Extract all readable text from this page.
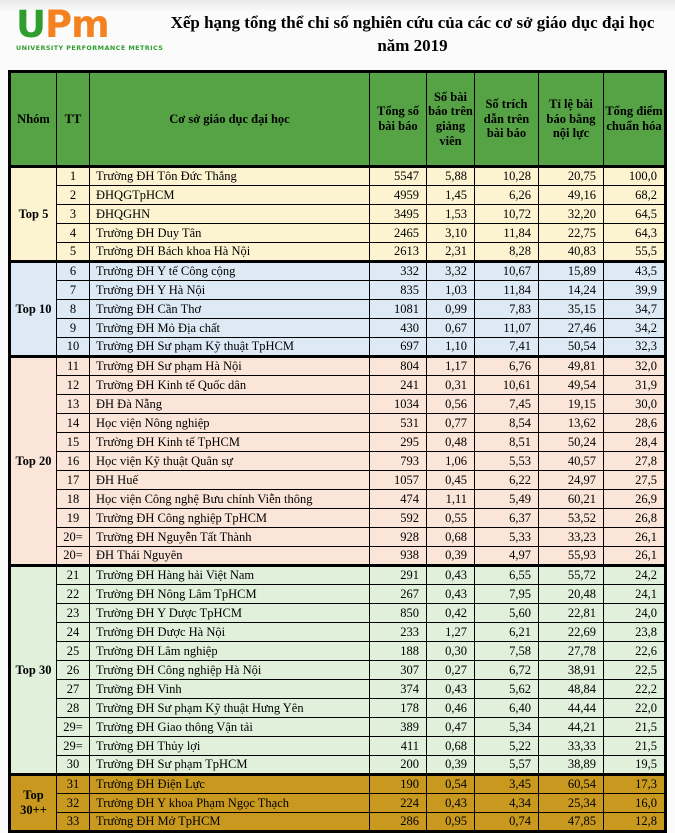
UPm
UNIVERSITY PERFORMANCE METRICS
Xếp hạng tổng thể chỉ số nghiên cứu của các cơ sở giáo dục đại học
năm 2019
Nhóm	TT	Cơ sở giáo dục đại học	Tổng số bài báo	Số bài báo trên giảng viên	Số trích dẫn trên bài báo	Tỉ lệ bài báo bằng nội lực	Tổng điểm chuẩn hóa
Top 5	1	Trường ĐH Tôn Đức Thắng	5547	5,88	10,28	20,75	100,0
	2	ĐHQGTpHCM	4959	1,45	6,26	49,16	68,2
	3	ĐHQGHN	3495	1,53	10,72	32,20	64,5
	4	Trường ĐH Duy Tân	2465	3,10	11,84	22,75	64,3
	5	Trường ĐH Bách khoa Hà Nội	2613	2,31	8,28	40,83	55,5
Top 10	6	Trường ĐH Y tế Công cộng	332	3,32	10,67	15,89	43,5
	7	Trường ĐH Y Hà Nội	835	1,03	11,84	14,24	39,9
	8	Trường ĐH Cần Thơ	1081	0,99	7,83	35,15	34,7
	9	Trường ĐH Mỏ Địa chất	430	0,67	11,07	27,46	34,2
	10	Trường ĐH Sư phạm Kỹ thuật TpHCM	697	1,10	7,41	50,54	32,3
Top 20	11	Trường ĐH Sư phạm Hà Nội	804	1,17	6,76	49,81	32,0
	12	Trường ĐH Kinh tế Quốc dân	241	0,31	10,61	49,54	31,9
	13	ĐH Đà Nẵng	1034	0,56	7,45	19,15	30,0
	14	Học viện Nông nghiệp	531	0,77	8,54	13,62	28,6
	15	Trường ĐH Kinh tế TpHCM	295	0,48	8,51	50,24	28,4
	16	Học viện Kỹ thuật Quân sự	793	1,06	5,53	40,57	27,8
	17	ĐH Huế	1057	0,45	6,22	24,97	27,5
	18	Học viện Công nghệ Bưu chính Viễn thông	474	1,11	5,49	60,21	26,9
	19	Trường ĐH Công nghiệp TpHCM	592	0,55	6,37	53,52	26,8
	20=	Trường ĐH Nguyễn Tất Thành	928	0,68	5,33	33,23	26,1
	20=	ĐH Thái Nguyên	938	0,39	4,97	55,93	26,1
Top 30	21	Trường ĐH Hàng hải Việt Nam	291	0,43	6,55	55,72	24,2
	22	Trường ĐH Nông Lâm TpHCM	267	0,43	7,95	20,48	24,1
	23	Trường ĐH Y Dược TpHCM	850	0,42	5,60	22,81	24,0
	24	Trường ĐH Dược Hà Nội	233	1,27	6,21	22,69	23,8
	25	Trường ĐH Lâm nghiệp	188	0,30	7,58	27,78	22,6
	26	Trường ĐH Công nghiệp Hà Nội	307	0,27	6,72	38,91	22,5
	27	Trường ĐH Vinh	374	0,43	5,62	48,84	22,2
	28	Trường ĐH Sư phạm Kỹ thuật Hưng Yên	178	0,46	6,40	44,44	22,0
	29=	Trường ĐH Giao thông Vận tải	389	0,47	5,34	44,21	21,5
	29=	Trường ĐH Thủy lợi	411	0,68	5,22	33,33	21,5
	30	Trường ĐH Sư phạm TpHCM	200	0,39	5,57	38,89	19,5
Top 30++	31	Trường ĐH Điện Lực	190	0,54	3,45	60,54	17,3
	32	Trường ĐH Y khoa Phạm Ngọc Thạch	224	0,43	4,34	25,34	16,0
	33	Trường ĐH Mở TpHCM	286	0,95	0,74	47,85	12,8
